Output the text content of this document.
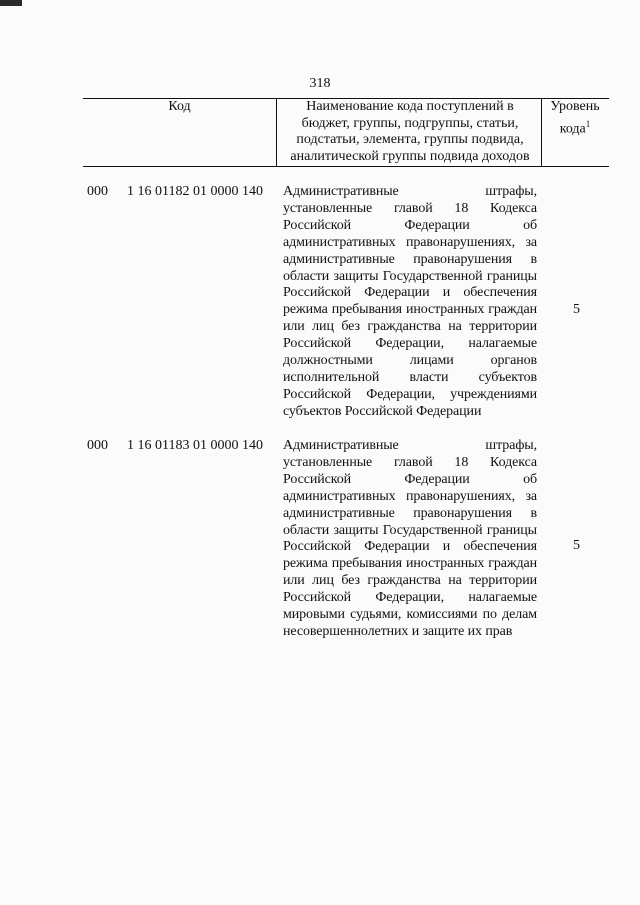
318
Код	Наименование кода поступлений в бюджет, группы, подгруппы, статьи, подстатьи, элемента, группы подвида, аналитической группы подвида доходов
Уровень кода$^1$
000 1 16 01182 01 0000 140 Административные штрафы, установленные главой 18 Кодекса Российской Федерации об административных правонарушениях, за административные правонарушения в области защиты Государственной границы Российской Федерации и обеспечения режима пребывания иностранных граждан или лиц без гражданства на территории Российской Федерации, налагаемые должностными лицами органов исполнительной власти субъектов Российской Федерации, учреждениями субъектов Российской Федерации
5
000 1 16 01183 01 0000 140 Административные штрафы, установленные главой 18 Кодекса Российской Федерации об административных правонарушениях, за административные правонарушения в области защиты Государственной границы Российской Федерации и обеспечения режима пребывания иностранных граждан или лиц без гражданства на территории Российской Федерации, налагаемые мировыми судьями, комиссиями по делам несовершеннолетних и защите их прав
5
